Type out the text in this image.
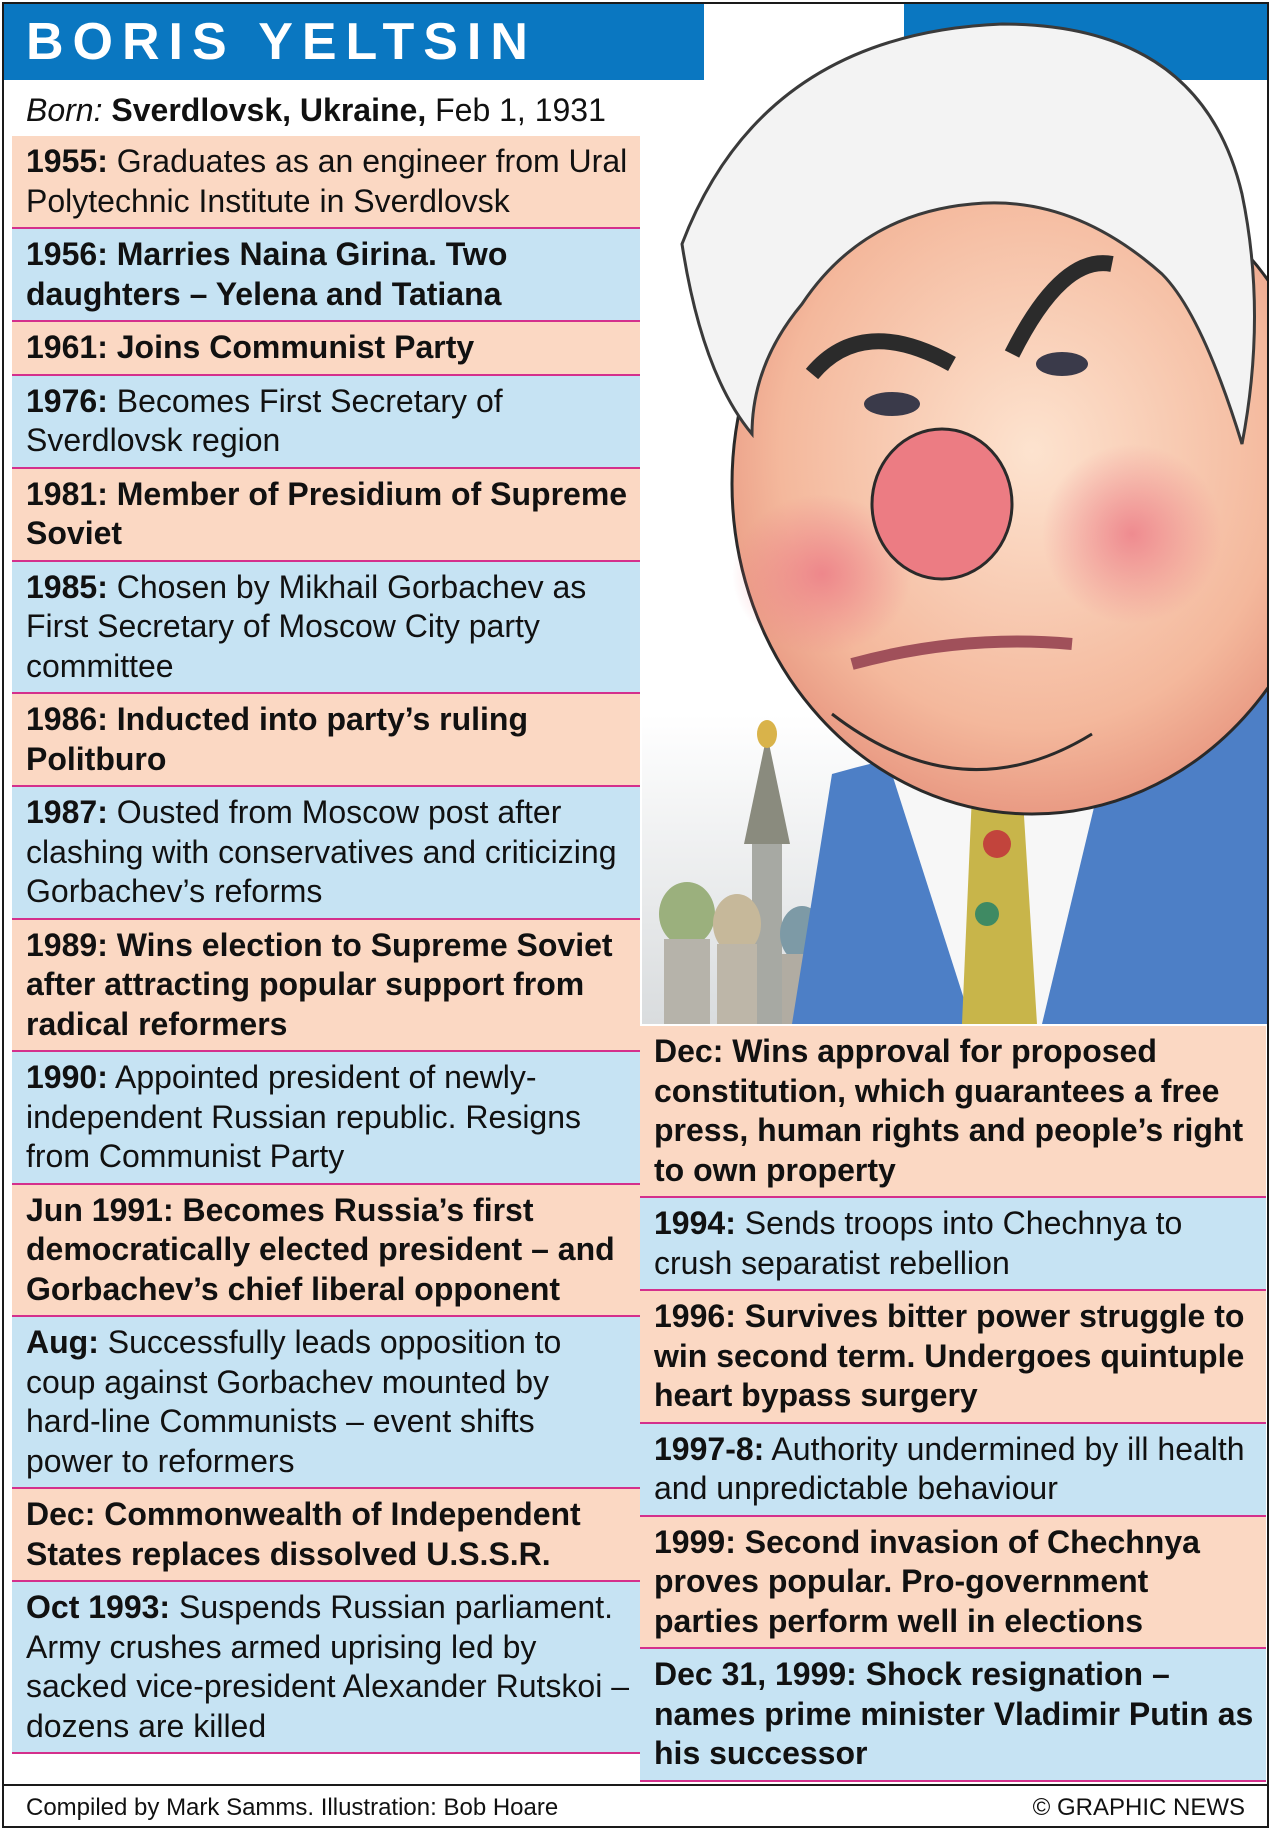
BORIS YELTSIN

Born: Sverdlovsk, Ukraine, Feb 1, 1931

1955: Graduates as an engineer from Ural Polytechnic Institute in Sverdlovsk
1956: Marries Naina Girina. Two daughters – Yelena and Tatiana
1961: Joins Communist Party
1976: Becomes First Secretary of Sverdlovsk region
1981: Member of Presidium of Supreme Soviet
1985: Chosen by Mikhail Gorbachev as First Secretary of Moscow City party committee
1986: Inducted into party’s ruling Politburo
1987: Ousted from Moscow post after clashing with conservatives and criticizing Gorbachev’s reforms
1989: Wins election to Supreme Soviet after attracting popular support from radical reformers
1990: Appointed president of newly-independent Russian republic. Resigns from Communist Party
Jun 1991: Becomes Russia’s first democratically elected president – and Gorbachev’s chief liberal opponent
Aug: Successfully leads opposition to coup against Gorbachev mounted by hard-line Communists – event shifts power to reformers
Dec: Commonwealth of Independent States replaces dissolved U.S.S.R.
Oct 1993: Suspends Russian parliament. Army crushes armed uprising led by sacked vice-president Alexander Rutskoi – dozens are killed
Dec: Wins approval for proposed constitution, which guarantees a free press, human rights and people’s right to own property
1994: Sends troops into Chechnya to crush separatist rebellion
1996: Survives bitter power struggle to win second term. Undergoes quintuple heart bypass surgery
1997-8: Authority undermined by ill health and unpredictable behaviour
1999: Second invasion of Chechnya proves popular. Pro-government parties perform well in elections
Dec 31, 1999: Shock resignation – names prime minister Vladimir Putin as his successor
Compiled by Mark Samms. Illustration: Bob Hoare	© GRAPHIC NEWS
